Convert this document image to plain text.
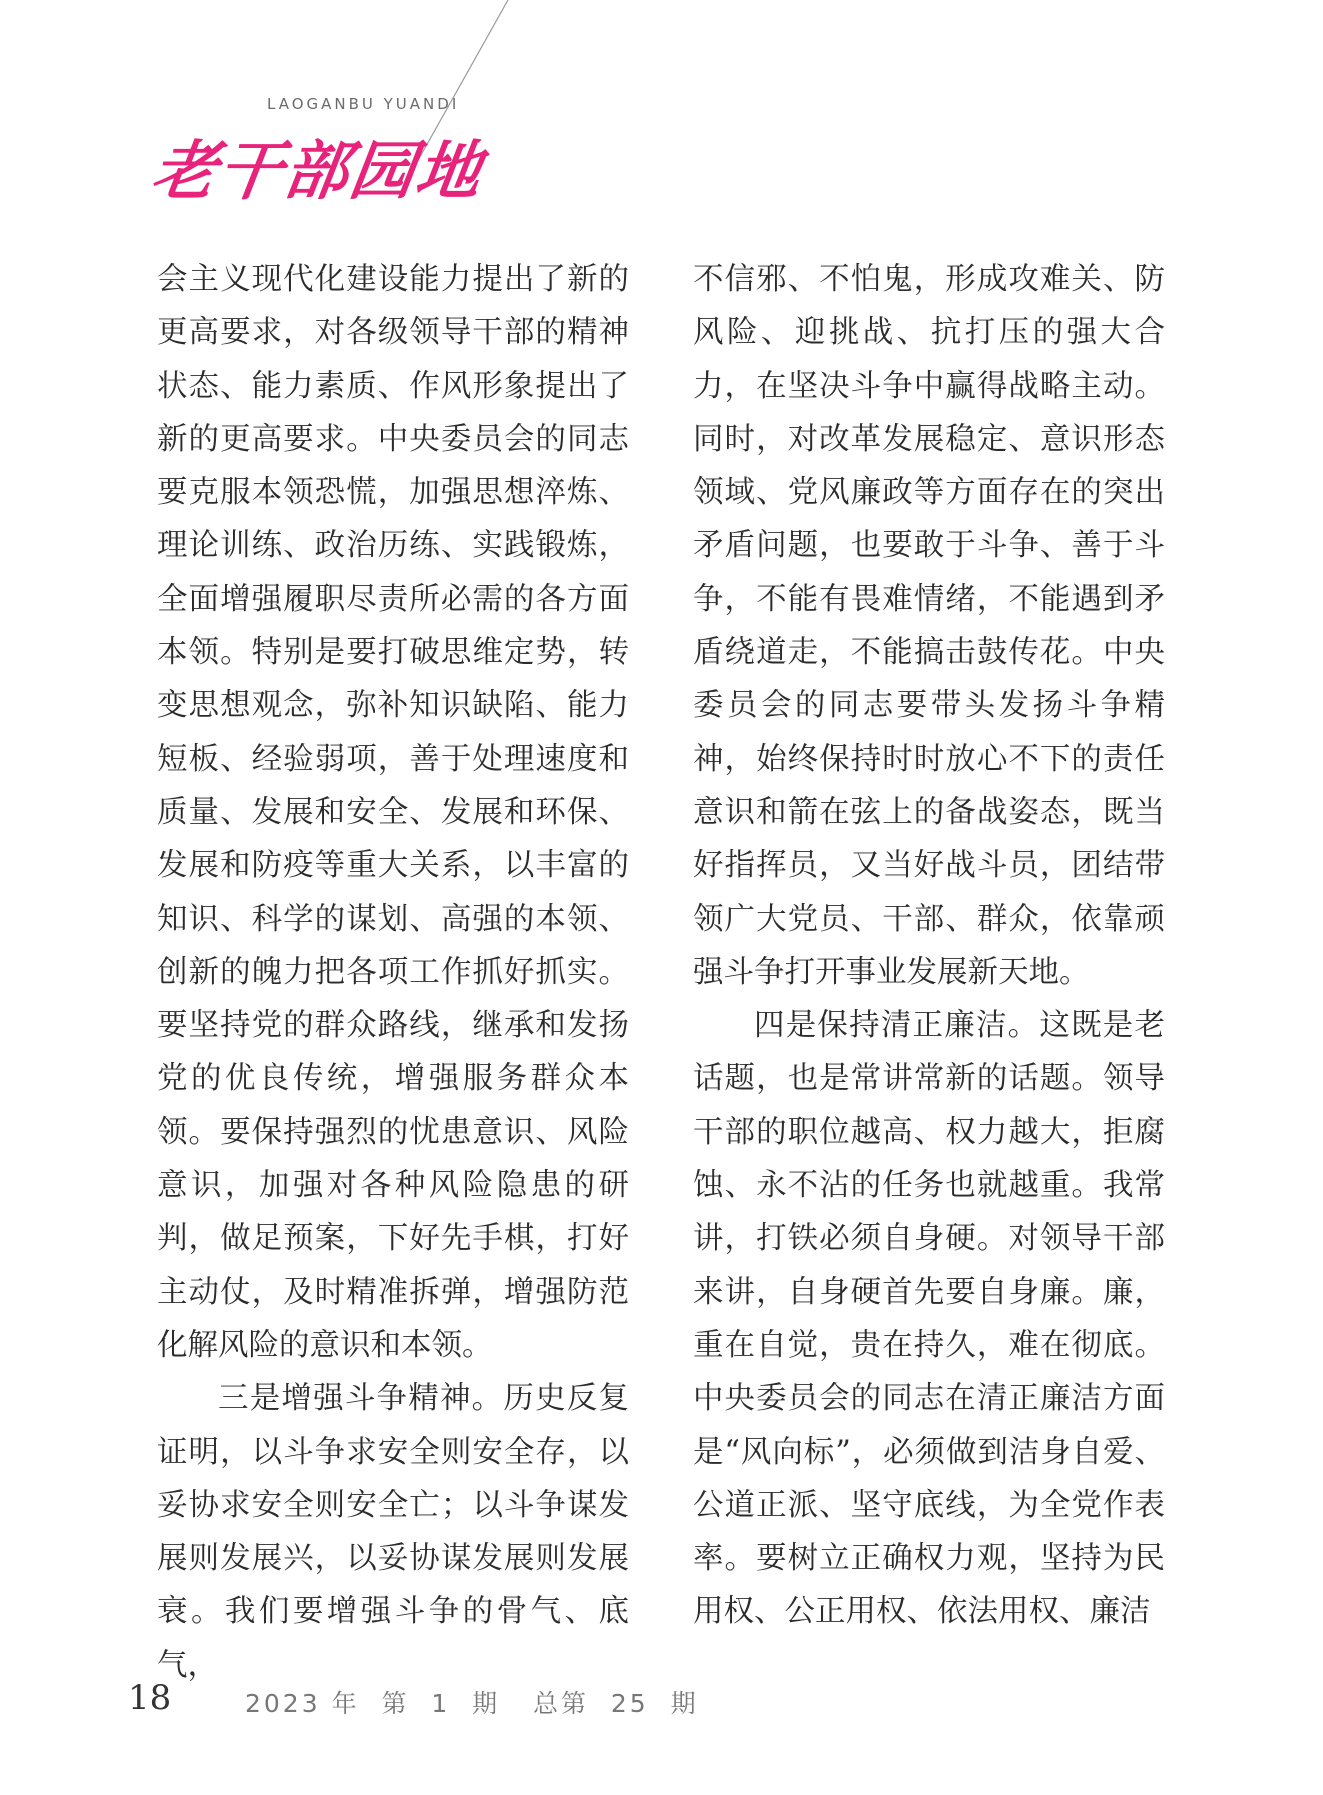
LAOGANBU YUANDI
老干部园地

会主义现代化建设能力提出了新的更高要求，对各级领导干部的精神状态、能力素质、作风形象提出了新的更高要求。中央委员会的同志要克服本领恐慌，加强思想淬炼、理论训练、政治历练、实践锻炼，全面增强履职尽责所必需的各方面本领。特别是要打破思维定势，转变思想观念，弥补知识缺陷、能力短板、经验弱项，善于处理速度和质量、发展和安全、发展和环保、发展和防疫等重大关系，以丰富的知识、科学的谋划、高强的本领、创新的魄力把各项工作抓好抓实。要坚持党的群众路线，继承和发扬党的优良传统，增强服务群众本领。要保持强烈的忧患意识、风险意识，加强对各种风险隐患的研判，做足预案，下好先手棋，打好主动仗，及时精准拆弹，增强防范化解风险的意识和本领。

三是增强斗争精神。历史反复证明，以斗争求安全则安全存，以妥协求安全则安全亡；以斗争谋发展则发展兴，以妥协谋发展则发展衰。我们要增强斗争的骨气、底气，

不信邪、不怕鬼，形成攻难关、防风险、迎挑战、抗打压的强大合力，在坚决斗争中赢得战略主动。同时，对改革发展稳定、意识形态领域、党风廉政等方面存在的突出矛盾问题，也要敢于斗争、善于斗争，不能有畏难情绪，不能遇到矛盾绕道走，不能搞击鼓传花。中央委员会的同志要带头发扬斗争精神，始终保持时时放心不下的责任意识和箭在弦上的备战姿态，既当好指挥员，又当好战斗员，团结带领广大党员、干部、群众，依靠顽强斗争打开事业发展新天地。

四是保持清正廉洁。这既是老话题，也是常讲常新的话题。领导干部的职位越高、权力越大，拒腐蚀、永不沾的任务也就越重。我常讲，打铁必须自身硬。对领导干部来讲，自身硬首先要自身廉。廉，重在自觉，贵在持久，难在彻底。中央委员会的同志在清正廉洁方面是“风向标”，必须做到洁身自爱、公道正派、坚守底线，为全党作表率。要树立正确权力观，坚持为民用权、公正用权、依法用权、廉洁

18	2023 年  第  1  期   总第  25  期
